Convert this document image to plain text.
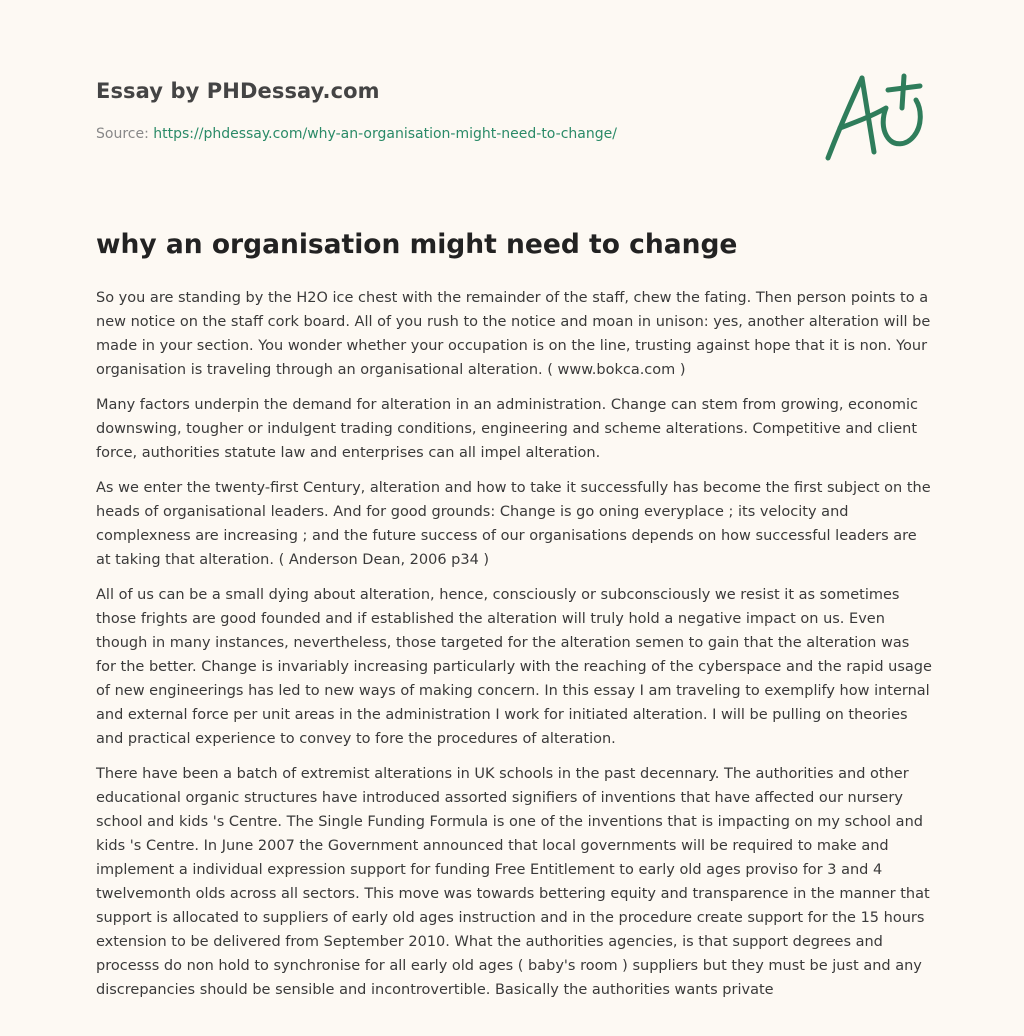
Essay by PHDessay.com
Source: https://phdessay.com/why-an-organisation-might-need-to-change/
why an organisation might need to change

So you are standing by the H2O ice chest with the remainder of the staff, chew the fating. Then person points to a new notice on the staff cork board. All of you rush to the notice and moan in unison: yes, another alteration will be made in your section. You wonder whether your occupation is on the line, trusting against hope that it is non. Your organisation is traveling through an organisational alteration. ( www.bokca.com )

Many factors underpin the demand for alteration in an administration. Change can stem from growing, economic downswing, tougher or indulgent trading conditions, engineering and scheme alterations. Competitive and client force, authorities statute law and enterprises can all impel alteration.

As we enter the twenty-first Century, alteration and how to take it successfully has become the first subject on the heads of organisational leaders. And for good grounds: Change is go oning everyplace ; its velocity and complexness are increasing ; and the future success of our organisations depends on how successful leaders are at taking that alteration. ( Anderson Dean, 2006 p34 )

All of us can be a small dying about alteration, hence, consciously or subconsciously we resist it as sometimes those frights are good founded and if established the alteration will truly hold a negative impact on us. Even though in many instances, nevertheless, those targeted for the alteration semen to gain that the alteration was for the better. Change is invariably increasing particularly with the reaching of the cyberspace and the rapid usage of new engineerings has led to new ways of making concern. In this essay I am traveling to exemplify how internal and external force per unit areas in the administration I work for initiated alteration. I will be pulling on theories and practical experience to convey to fore the procedures of alteration.

There have been a batch of extremist alterations in UK schools in the past decennary. The authorities and other educational organic structures have introduced assorted signifiers of inventions that have affected our nursery school and kids 's Centre. The Single Funding Formula is one of the inventions that is impacting on my school and kids 's Centre. In June 2007 the Government announced that local governments will be required to make and implement a individual expression support for funding Free Entitlement to early old ages proviso for 3 and 4 twelvemonth olds across all sectors. This move was towards bettering equity and transparence in the manner that support is allocated to suppliers of early old ages instruction and in the procedure create support for the 15 hours extension to be delivered from September 2010. What the authorities agencies, is that support degrees and processs do non hold to synchronise for all early old ages ( baby's room ) suppliers but they must be just and any discrepancies should be sensible and incontrovertible. Basically the authorities wants private
